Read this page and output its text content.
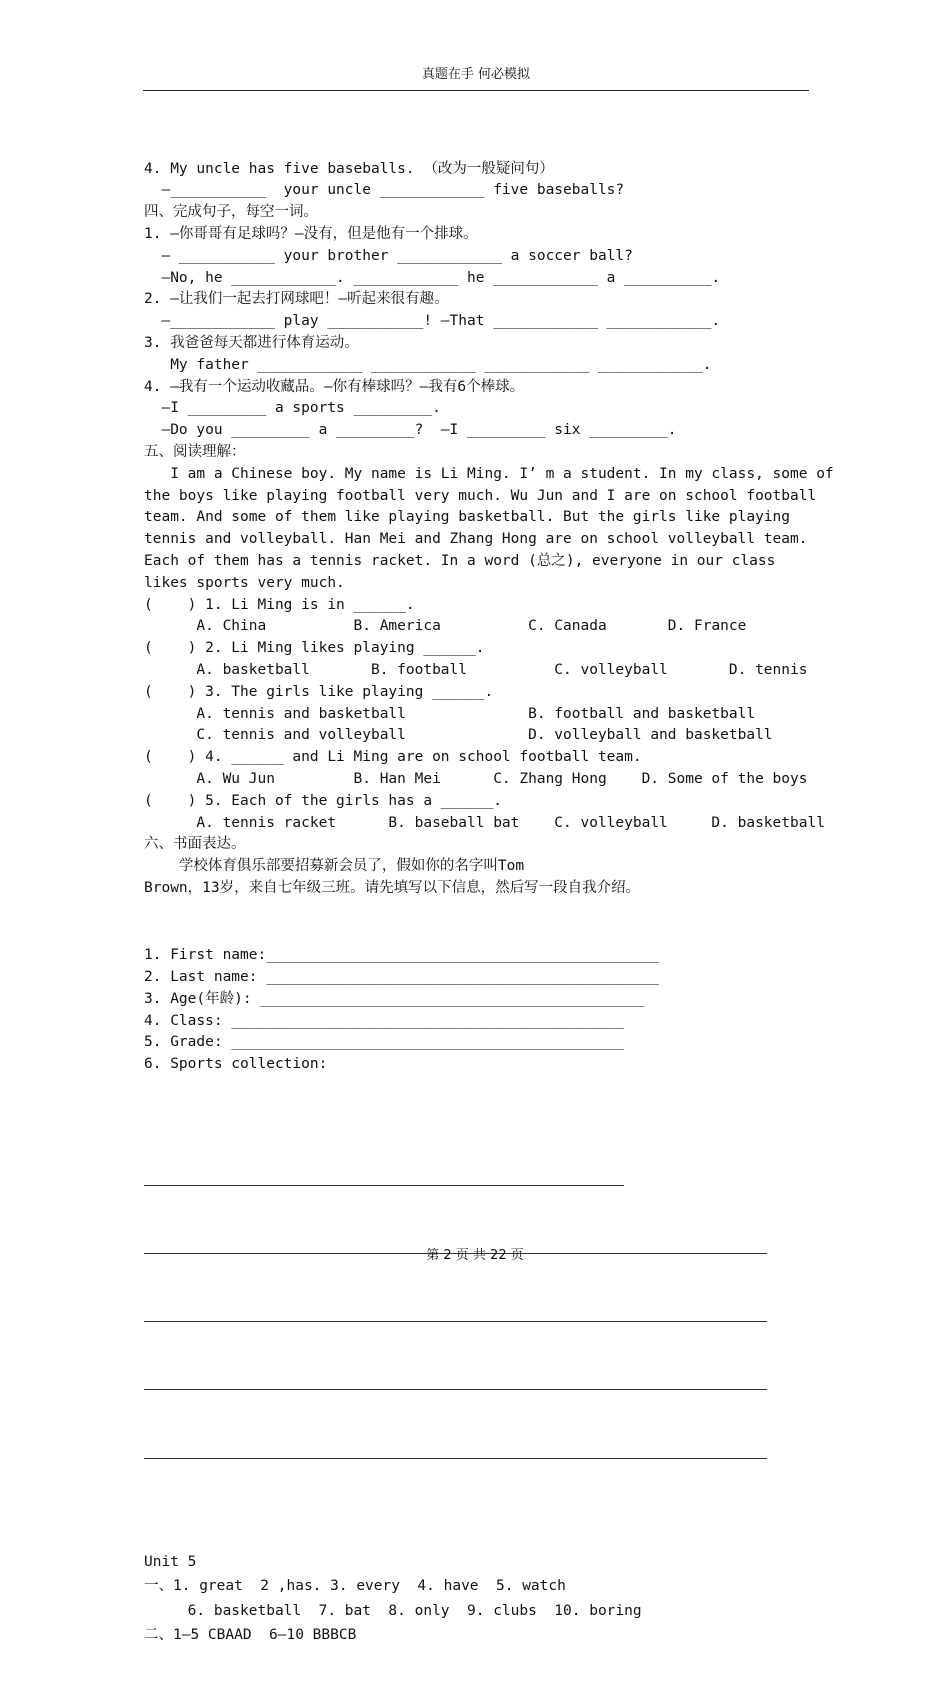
真题在手 何必模拟

4. My uncle has five baseballs. （改为一般疑问句）
—___________  your uncle ____________ five baseballs?
四、完成句子，每空一词。
1. —你哥哥有足球吗？—没有，但是他有一个排球。
— ___________ your brother ____________ a soccer ball?
—No, he ____________. ____________ he ____________ a __________.
2. —让我们一起去打网球吧！—听起来很有趣。
—____________ play ___________! —That ____________ ____________.
3. 我爸爸每天都进行体育运动。
My father ____________ ____________ ____________ ____________.
4. —我有一个运动收藏品。—你有棒球吗？—我有6个棒球。
—I _________ a sports _________.
—Do you _________ a _________?  —I _________ six _________.
五、阅读理解：
I am a Chinese boy. My name is Li Ming. I’ m a student. In my class, some of
the boys like playing football very much. Wu Jun and I are on school football
team. And some of them like playing basketball. But the girls like playing
tennis and volleyball. Han Mei and Zhang Hong are on school volleyball team.
Each of them has a tennis racket. In a word (总之), everyone in our class
likes sports very much.
(    ) 1. Li Ming is in ______.
A. China          B. America          C. Canada       D. France
(    ) 2. Li Ming likes playing ______.
A. basketball       B. football          C. volleyball       D. tennis
(    ) 3. The girls like playing ______.
A. tennis and basketball              B. football and basketball
C. tennis and volleyball              D. volleyball and basketball
(    ) 4. ______ and Li Ming are on school football team.
A. Wu Jun         B. Han Mei      C. Zhang Hong    D. Some of the boys
(    ) 5. Each of the girls has a ______.
A. tennis racket      B. baseball bat    C. volleyball     D. basketball
六、书面表达。
学校体育俱乐部要招募新会员了，假如你的名字叫Tom
Brown，13岁，来自七年级三班。请先填写以下信息，然后写一段自我介绍。

1. First name:_____________________________________________
2. Last name: _____________________________________________
3. Age(年龄): ____________________________________________
4. Class: _____________________________________________
5. Grade: _____________________________________________
6. Sports collection:

Unit 5
一、1. great  2 ,has. 3. every  4. have  5. watch
6. basketball  7. bat  8. only  9. clubs  10. boring
二、1—5 CBAAD  6—10 BBBCB

第 2 页 共 22 页
